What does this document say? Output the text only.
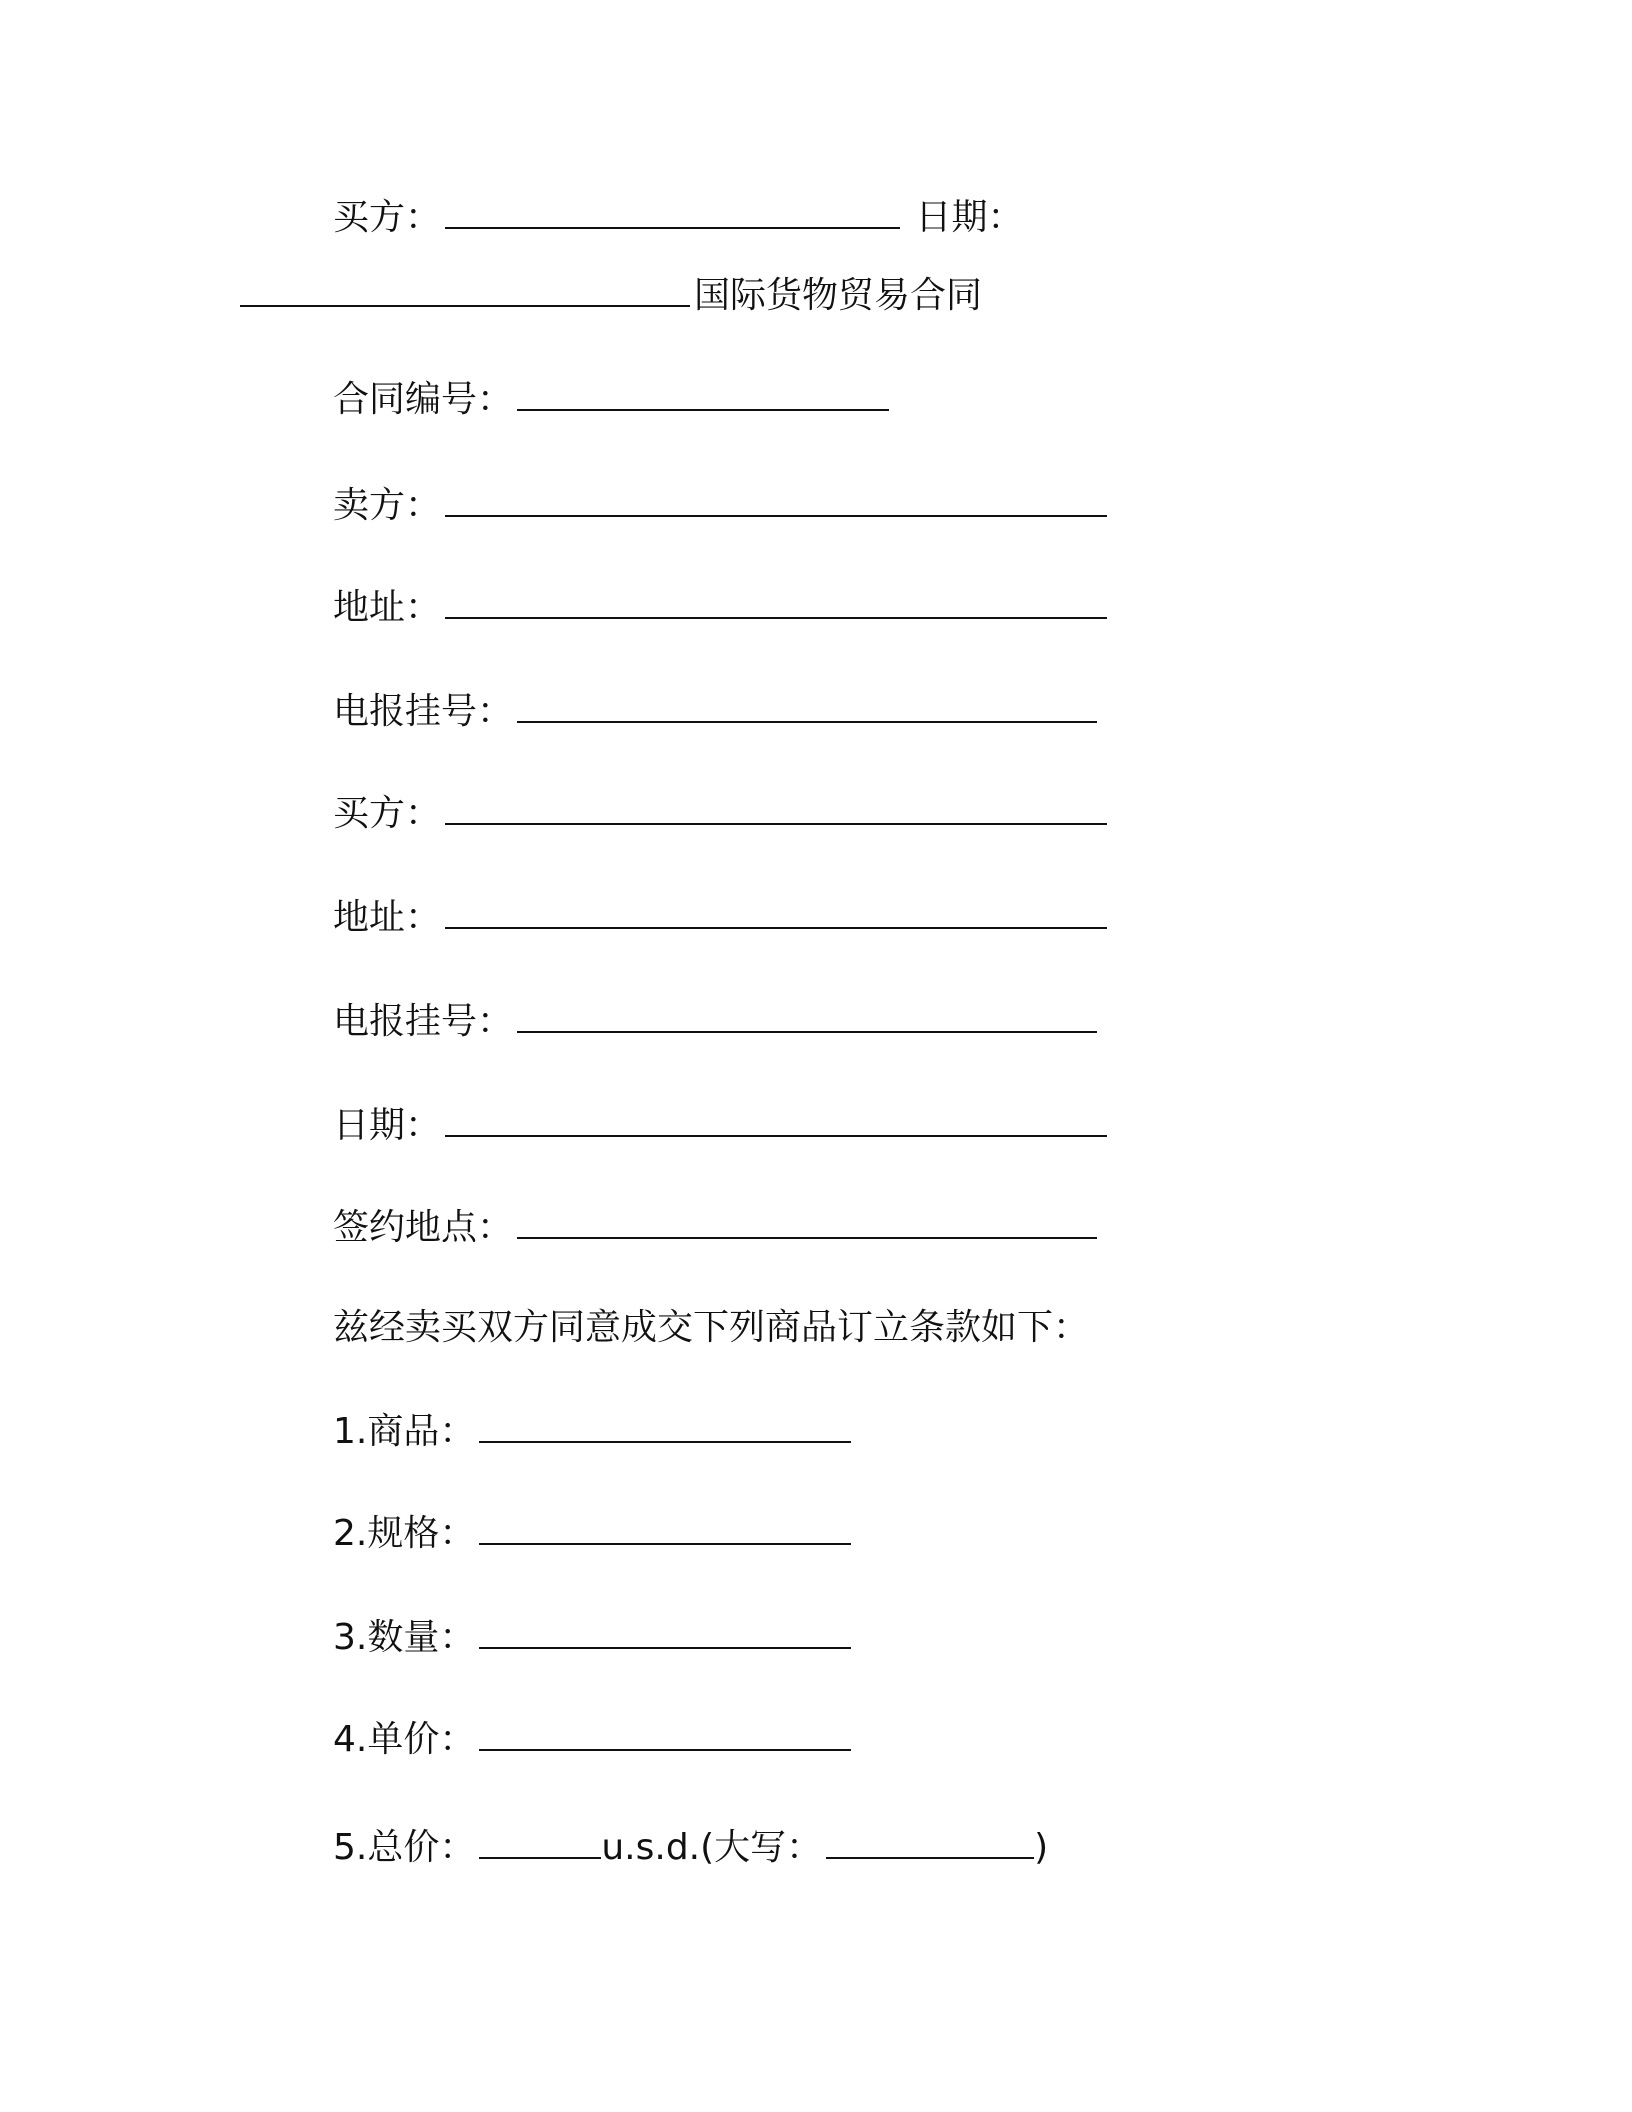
买方：	日期：
国际货物贸易合同
合同编号：
卖方：
地址：
电报挂号：
买方：
地址：
电报挂号：
日期：
签约地点：
兹经卖买双方同意成交下列商品订立条款如下：
1.商品：
2.规格：
3.数量：
4.单价：
5.总价：	u.s.d.(大写：	)
